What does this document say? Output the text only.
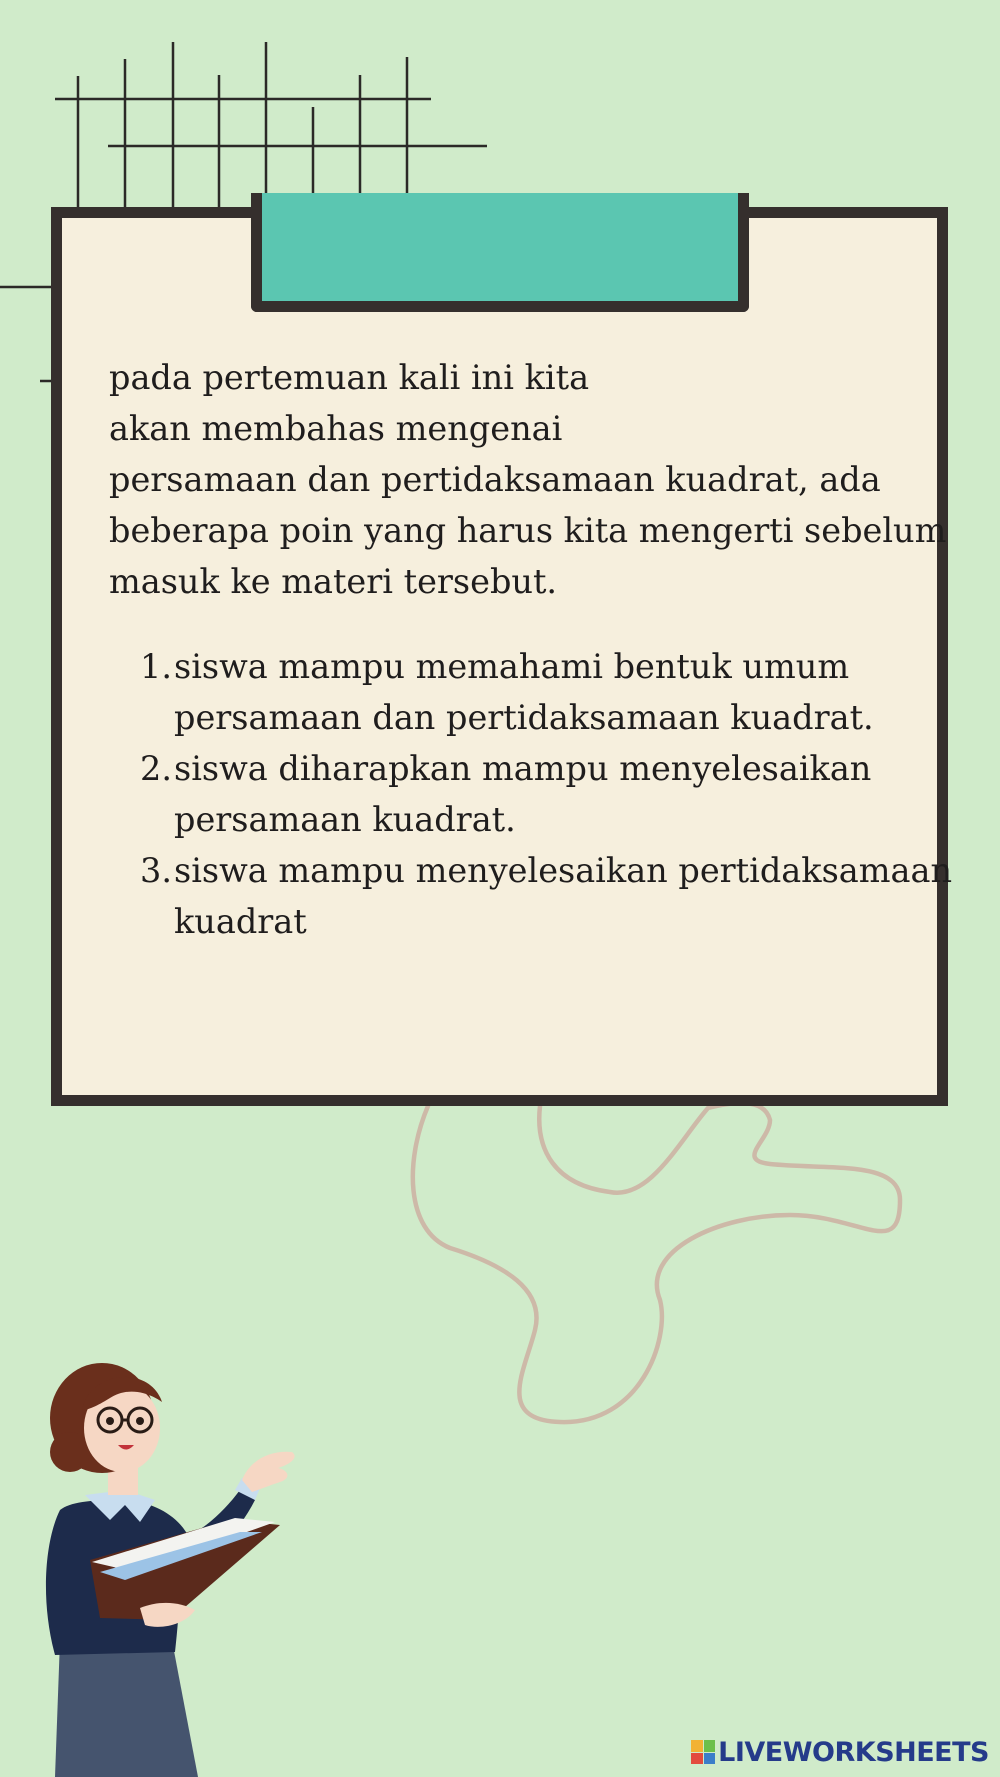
pada pertemuan kali ini kita
akan membahas mengenai
persamaan dan pertidaksamaan kuadrat, ada
beberapa poin yang harus kita mengerti sebelum
masuk ke materi tersebut.
1. siswa mampu memahami bentuk umum
persamaan dan pertidaksamaan kuadrat.
2. siswa diharapkan mampu menyelesaikan
persamaan kuadrat.
3. siswa mampu menyelesaikan pertidaksamaan
kuadrat
LIVEWORKSHEETS
